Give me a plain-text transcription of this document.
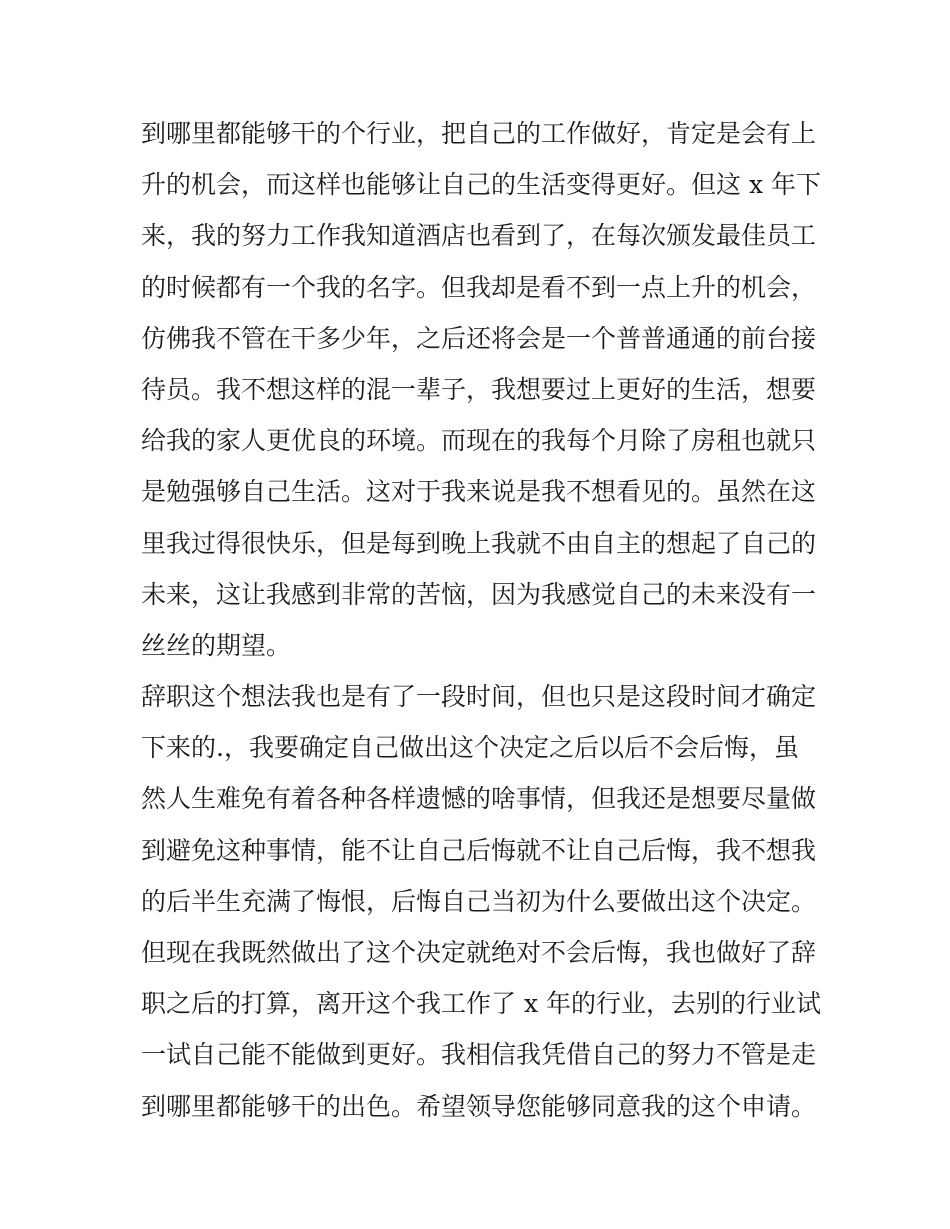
到哪里都能够干的个行业，把自己的工作做好，肯定是会有上
升的机会，而这样也能够让自己的生活变得更好。但这 x 年下
来，我的努力工作我知道酒店也看到了，在每次颁发最佳员工
的时候都有一个我的名字。但我却是看不到一点上升的机会，
仿佛我不管在干多少年，之后还将会是一个普普通通的前台接
待员。我不想这样的混一辈子，我想要过上更好的生活，想要
给我的家人更优良的环境。而现在的我每个月除了房租也就只
是勉强够自己生活。这对于我来说是我不想看见的。虽然在这
里我过得很快乐，但是每到晚上我就不由自主的想起了自己的
未来，这让我感到非常的苦恼，因为我感觉自己的未来没有一
丝丝的期望。
辞职这个想法我也是有了一段时间，但也只是这段时间才确定
下来的.，我要确定自己做出这个决定之后以后不会后悔，虽
然人生难免有着各种各样遗憾的啥事情，但我还是想要尽量做
到避免这种事情，能不让自己后悔就不让自己后悔，我不想我
的后半生充满了悔恨，后悔自己当初为什么要做出这个决定。
但现在我既然做出了这个决定就绝对不会后悔，我也做好了辞
职之后的打算，离开这个我工作了 x 年的行业，去别的行业试
一试自己能不能做到更好。我相信我凭借自己的努力不管是走
到哪里都能够干的出色。希望领导您能够同意我的这个申请。
